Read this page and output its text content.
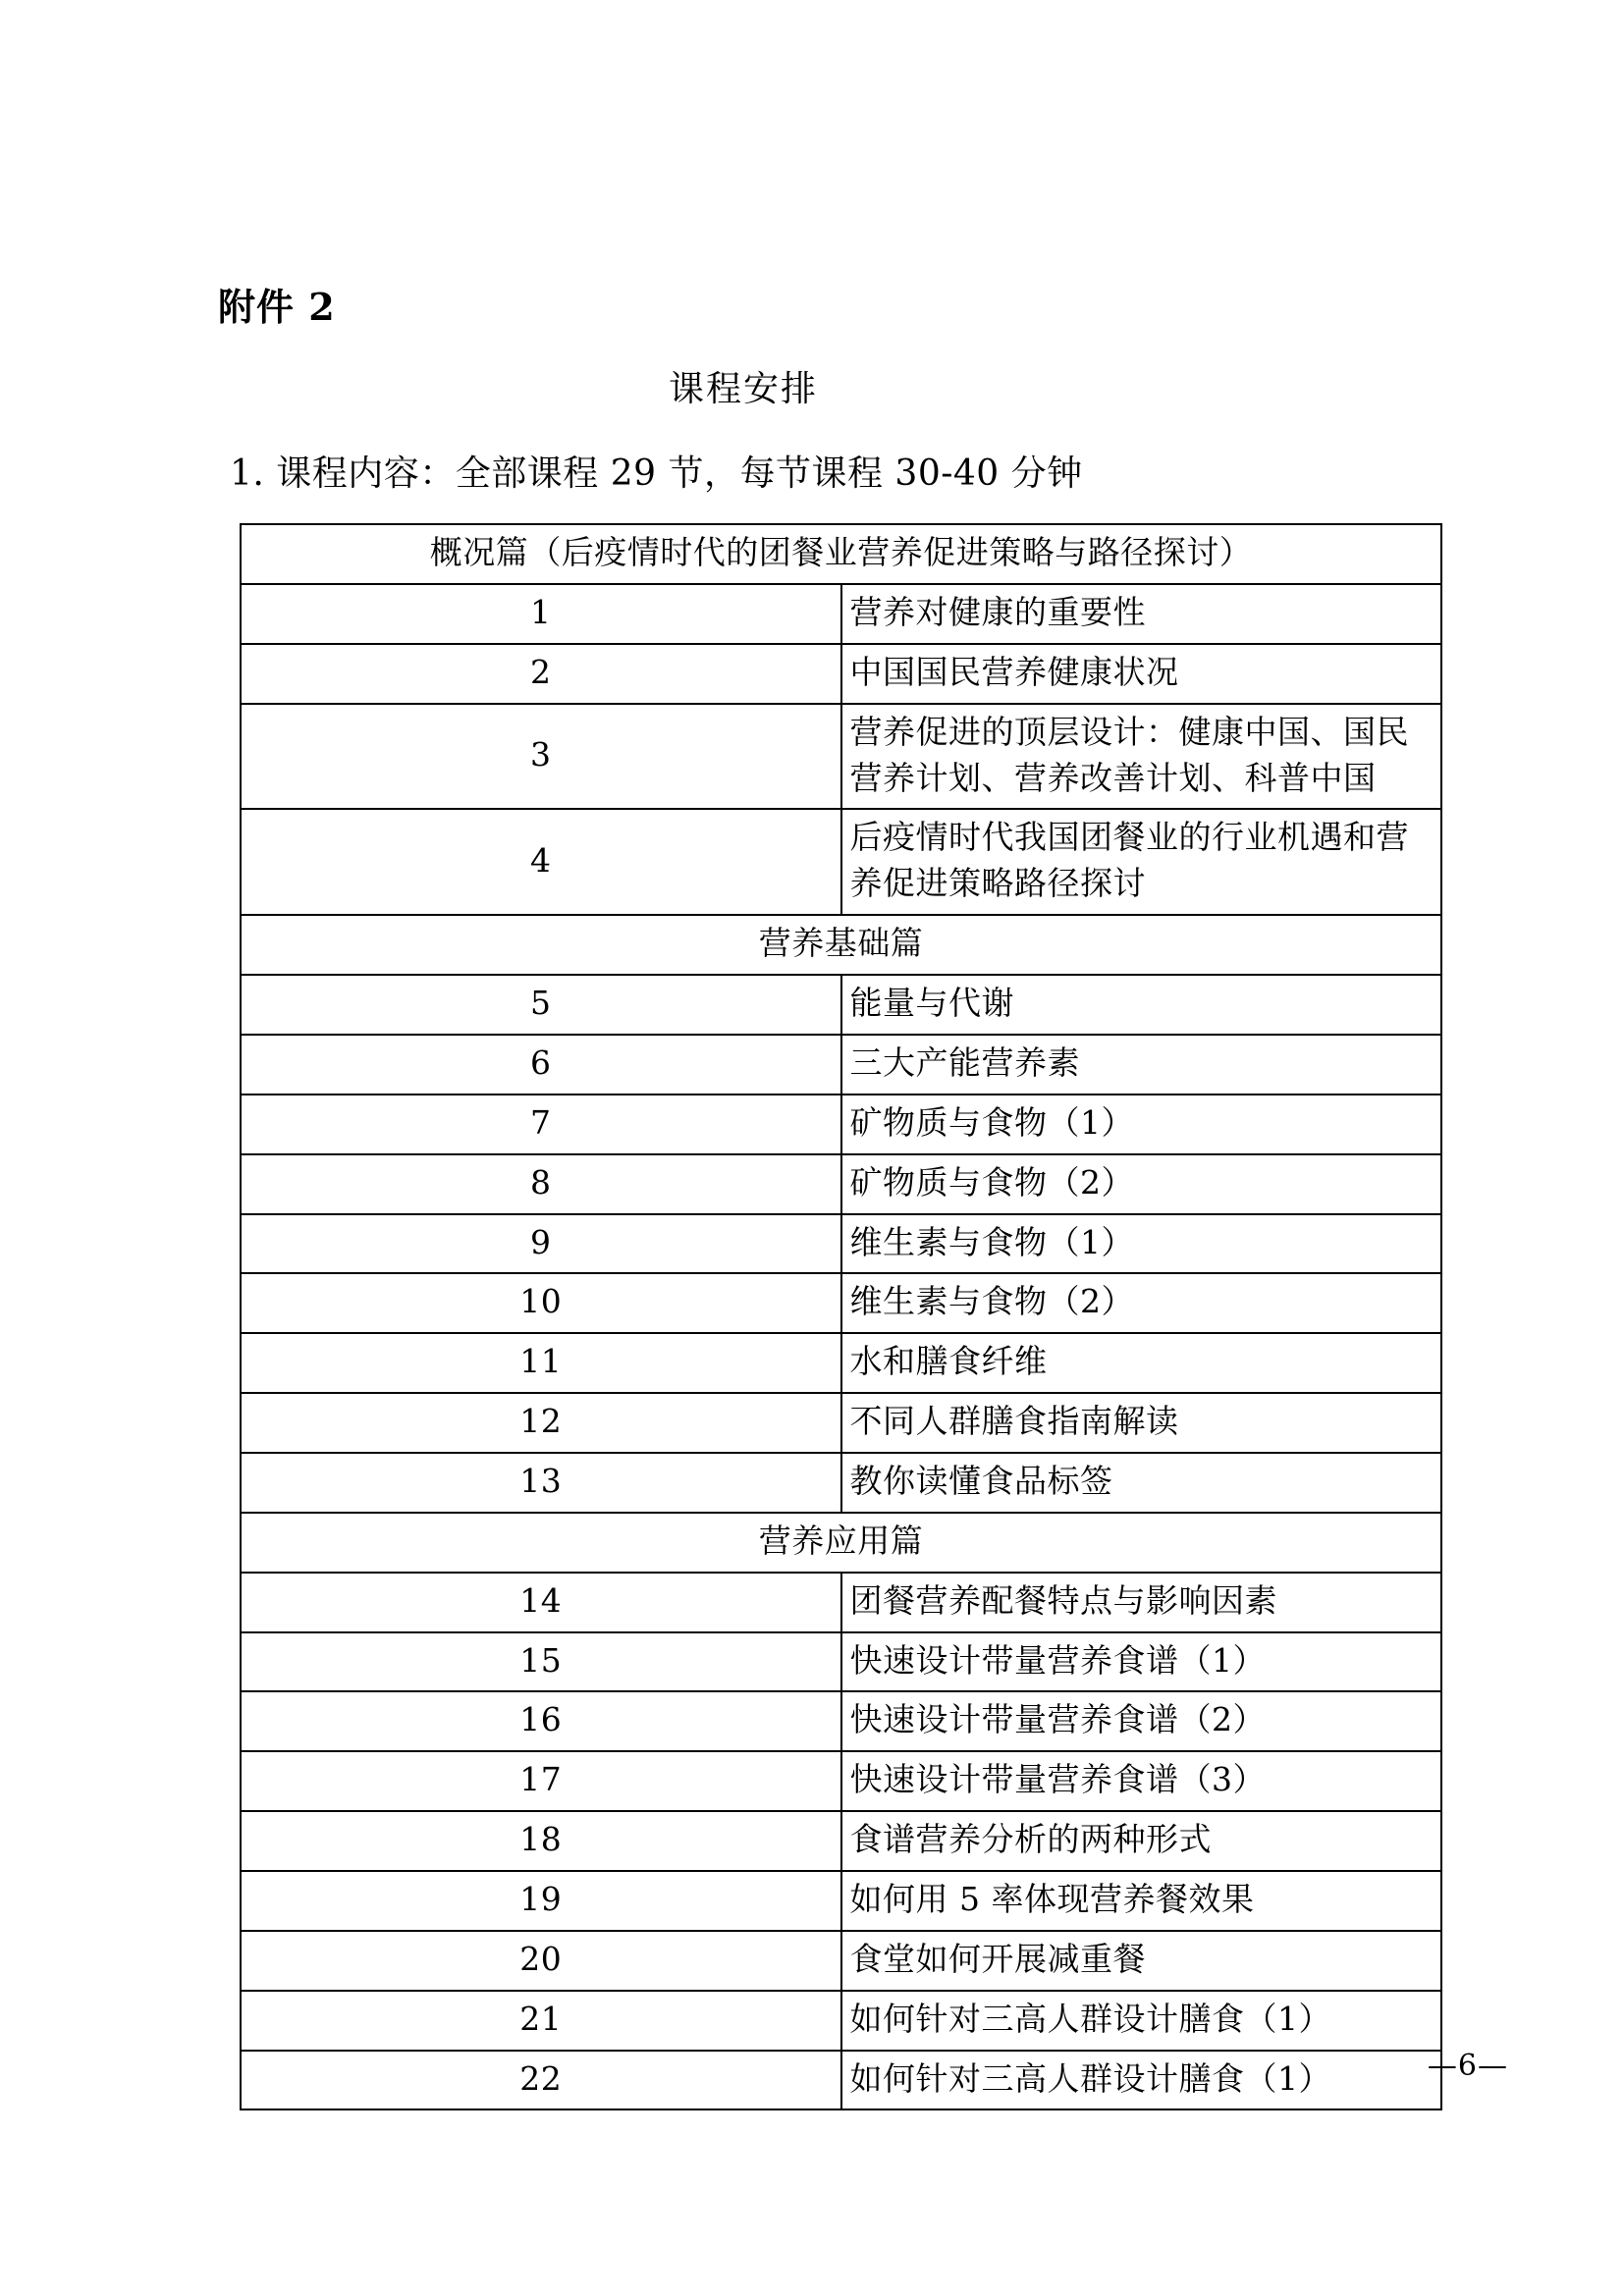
附件 2
课程安排
1. 课程内容：全部课程 29 节，每节课程 30-40 分钟
概况篇（后疫情时代的团餐业营养促进策略与路径探讨）	
1	营养对健康的重要性
2	中国国民营养健康状况
3	营养促进的顶层设计：健康中国、国民营养计划、营养改善计划、科普中国
4	后疫情时代我国团餐业的行业机遇和营养促进策略路径探讨
营养基础篇	
5	能量与代谢
6	三大产能营养素
7	矿物质与食物（1）
8	矿物质与食物（2）
9	维生素与食物（1）
10	维生素与食物（2）
11	水和膳食纤维
12	不同人群膳食指南解读
13	教你读懂食品标签
营养应用篇	
14	团餐营养配餐特点与影响因素
15	快速设计带量营养食谱（1）
16	快速设计带量营养食谱（2）
17	快速设计带量营养食谱（3）
18	食谱营养分析的两种形式
19	如何用 5 率体现营养餐效果
20	食堂如何开展减重餐
21	如何针对三高人群设计膳食（1）
22	如何针对三高人群设计膳食（1）	—6—
